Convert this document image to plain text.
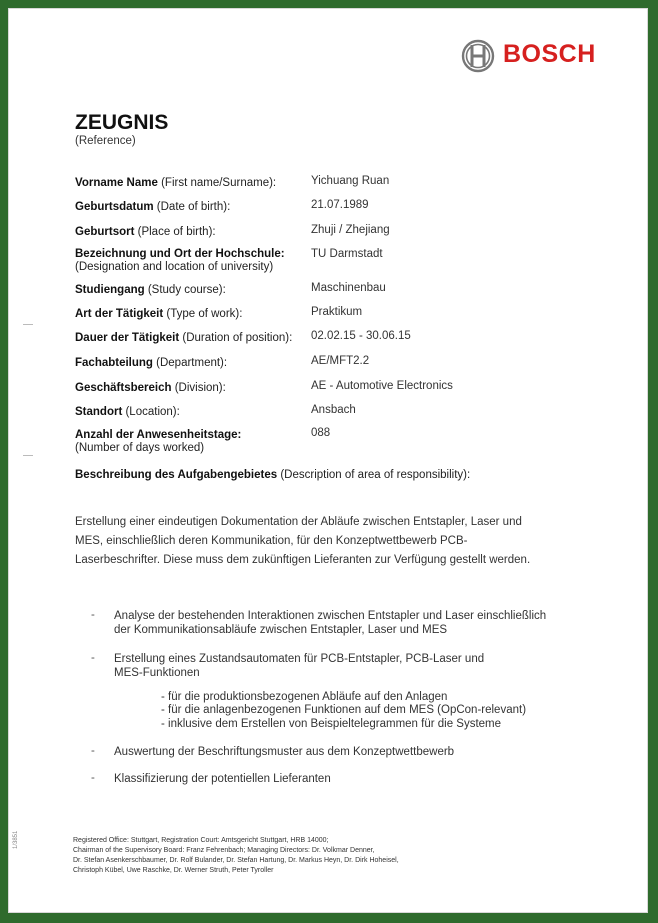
BOSCH
ZEUGNIS
(Reference)
Vorname Name (First name/Surname):	Yichuang Ruan
Geburtsdatum (Date of birth):	21.07.1989
Geburtsort (Place of birth):	Zhuji / Zhejiang
Bezeichnung und Ort der Hochschule:
(Designation and location of university)
TU Darmstadt
Studiengang (Study course):	Maschinenbau
Art der Tätigkeit (Type of work):	Praktikum
Dauer der Tätigkeit (Duration of position): 02.02.15 - 30.06.15
Fachabteilung (Department):	AE/MFT2.2
Geschäftsbereich (Division):	AE - Automotive Electronics
Standort (Location):	Ansbach
Anzahl der Anwesenheitstage:
(Number of days worked)
088
Beschreibung des Aufgabengebietes (Description of area of responsibility):
Erstellung einer eindeutigen Dokumentation der Abläufe zwischen Entstapler, Laser und MES, einschließlich deren Kommunikation, für den Konzeptwettbewerb PCB-Laserbeschrifter. Diese muss dem zukünftigen Lieferanten zur Verfügung gestellt werden.
- Analyse der bestehenden Interaktionen zwischen Entstapler und Laser einschließlich der Kommunikationsabläufe zwischen Entstapler, Laser und MES
- Erstellung eines Zustandsautomaten für PCB-Entstapler, PCB-Laser und MES-Funktionen
- für die produktionsbezogenen Abläufe auf den Anlagen
- für die anlagenbezogenen Funktionen auf dem MES (OpCon-relevant)
- inklusive dem Erstellen von Beispieltelegrammen für die Systeme
- Auswertung der Beschriftungsmuster aus dem Konzeptwettbewerb
- Klassifizierung der potentiellen Lieferanten
1/3851	Registered Office: Stuttgart, Registration Court: Amtsgericht Stuttgart, HRB 14000;
Chairman of the Supervisory Board: Franz Fehrenbach; Managing Directors: Dr. Volkmar Denner,
Dr. Stefan Asenkerschbaumer, Dr. Rolf Bulander, Dr. Stefan Hartung, Dr. Markus Heyn, Dr. Dirk Hoheisel,
Christoph Kübel, Uwe Raschke, Dr. Werner Struth, Peter Tyroller
